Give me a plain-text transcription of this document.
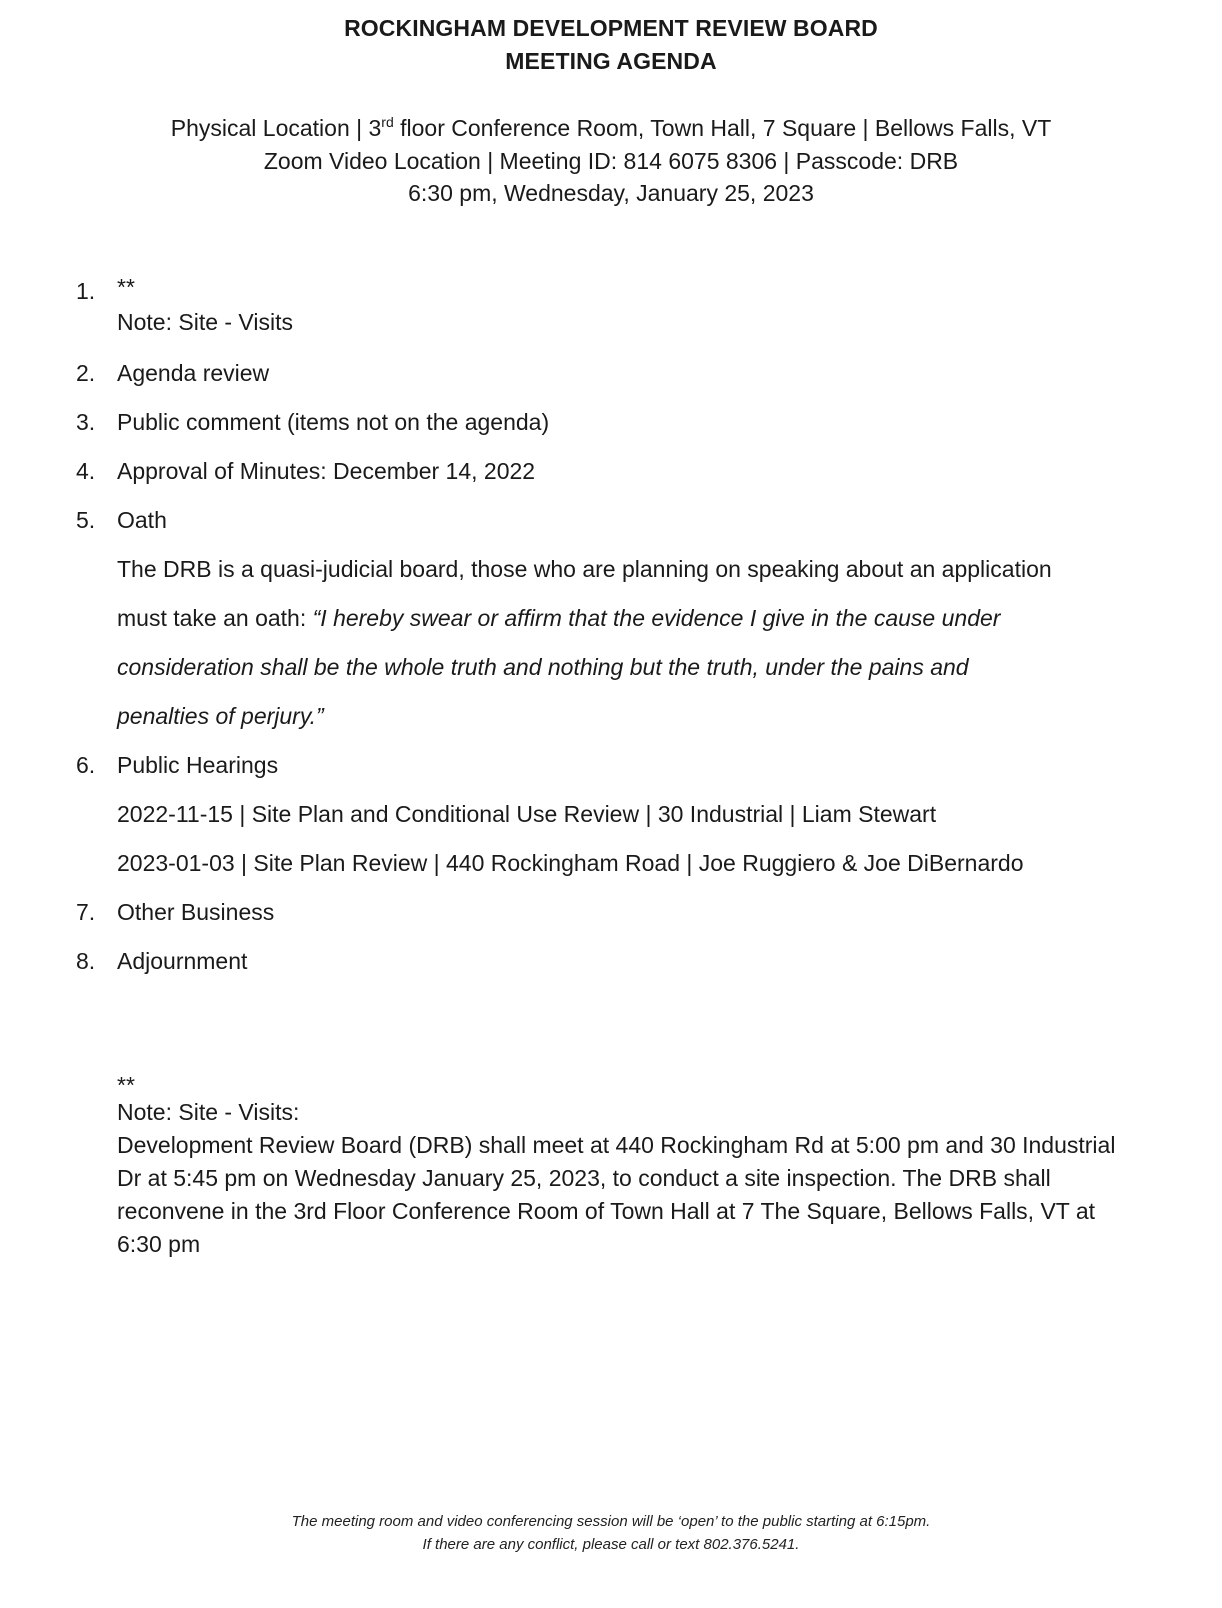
ROCKINGHAM DEVELOPMENT REVIEW BOARD
MEETING AGENDA
Physical Location | 3rd floor Conference Room, Town Hall, 7 Square | Bellows Falls, VT
Zoom Video Location | Meeting ID: 814 6075 8306 | Passcode: DRB
6:30 pm, Wednesday, January 25, 2023
1. **
Note: Site - Visits
2. Agenda review
3. Public comment (items not on the agenda)
4. Approval of Minutes: December 14, 2022
5. Oath
The DRB is a quasi-judicial board, those who are planning on speaking about an application
must take an oath: “I hereby swear or affirm that the evidence I give in the cause under
consideration shall be the whole truth and nothing but the truth, under the pains and
penalties of perjury.”
6. Public Hearings
2022-11-15 | Site Plan and Conditional Use Review | 30 Industrial | Liam Stewart
2023-01-03 | Site Plan Review | 440 Rockingham Road | Joe Ruggiero & Joe DiBernardo
7. Other Business
8. Adjournment
**
Note: Site - Visits:
Development Review Board (DRB) shall meet at 440 Rockingham Rd at 5:00 pm and 30 Industrial Dr at 5:45 pm on Wednesday January 25, 2023, to conduct a site inspection. The DRB shall reconvene in the 3rd Floor Conference Room of Town Hall at 7 The Square, Bellows Falls, VT at 6:30 pm
The meeting room and video conferencing session will be ‘open’ to the public starting at 6:15pm.
If there are any conflict, please call or text 802.376.5241.
